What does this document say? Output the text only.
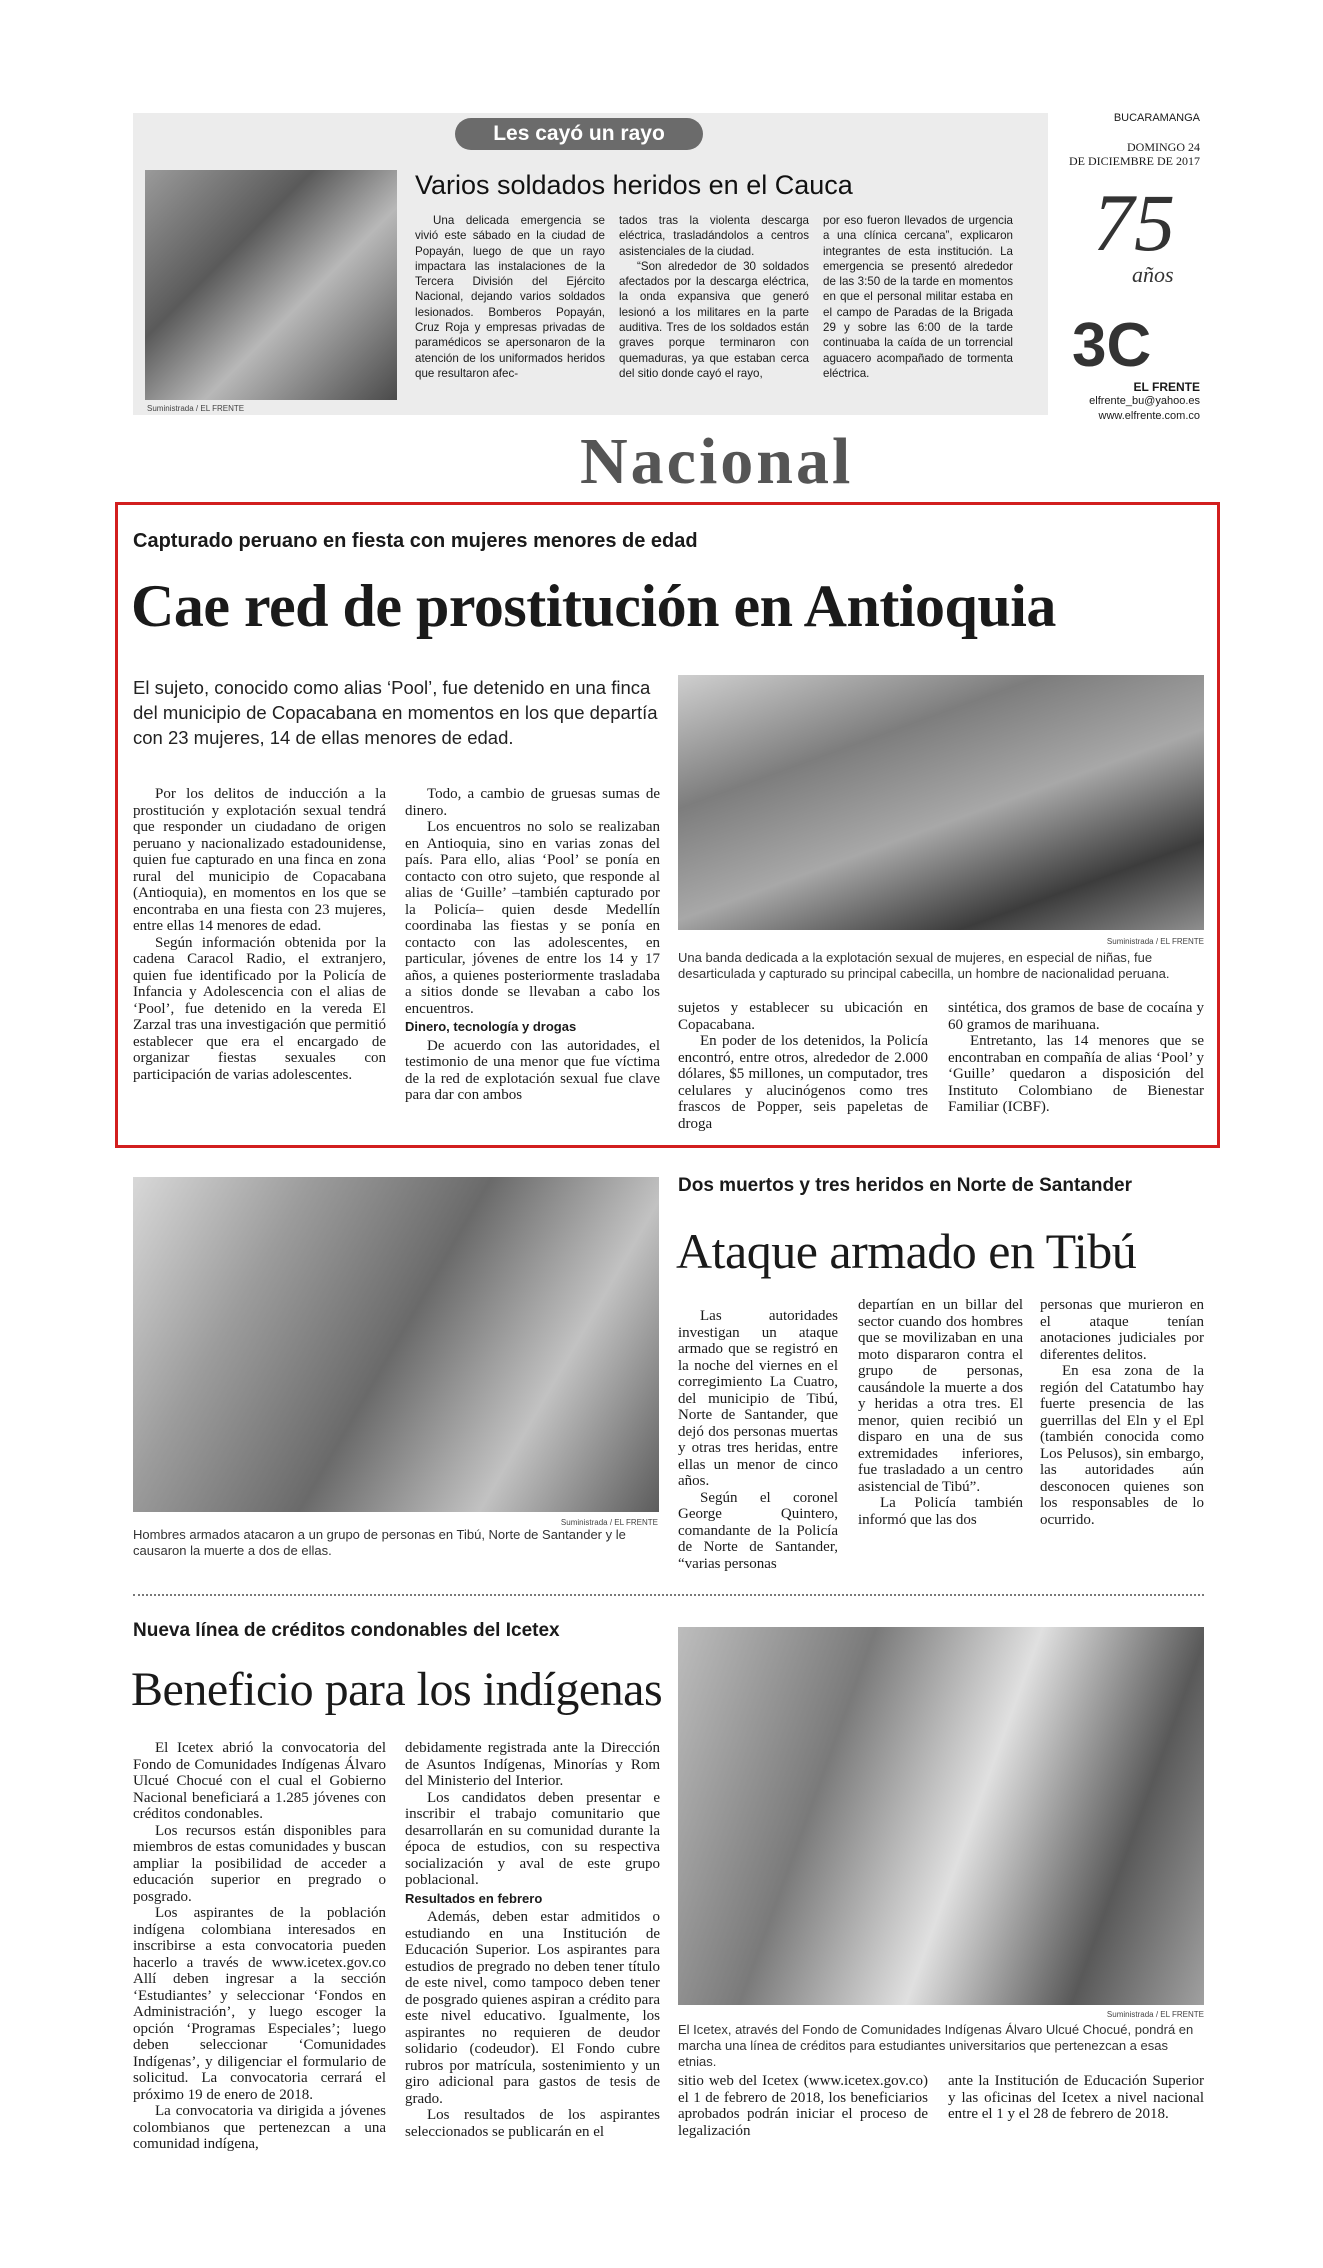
Les cayó un rayo
Suministrada / EL FRENTE
Varios soldados heridos en el Cauca
Una delicada emergencia se vivió este sábado en la ciudad de Popayán, luego de que un rayo impactara las instalaciones de la Tercera División del Ejército Nacional, dejando varios soldados lesionados. Bomberos Popayán, Cruz Roja y empresas privadas de paramédicos se apersonaron de la atención de los uniformados heridos que resultaron afec-
tados tras la violenta descarga eléctrica, trasladándolos a centros asistenciales de la ciudad.
“Son alrededor de 30 soldados afectados por la descarga eléctrica, la onda expansiva que generó lesionó a los militares en la parte auditiva. Tres de los soldados están graves porque terminaron con quemaduras, ya que estaban cerca del sitio donde cayó el rayo,
por eso fueron llevados de urgencia a una clínica cercana”, explicaron integrantes de esta institución. La emergencia se presentó alrededor de las 3:50 de la tarde en momentos en que el personal militar estaba en el campo de Paradas de la Brigada 29 y sobre las 6:00 de la tarde continuaba la caída de un torrencial aguacero acompañado de tormenta eléctrica.
BUCARAMANGA
DOMINGO 24
DE DICIEMBRE DE 2017
75
años
3C
EL FRENTE
elfrente_bu@yahoo.es
www.elfrente.com.co
Nacional
Capturado peruano en fiesta con mujeres menores de edad
Cae red de prostitución en Antioquia
El sujeto, conocido como alias ‘Pool’, fue detenido en una finca del municipio de Copacabana en momentos en los que departía con 23 mujeres, 14 de ellas menores de edad.
Suministrada / EL FRENTE
Una banda dedicada a la explotación sexual de mujeres, en especial de niñas, fue desarticulada y capturado su principal cabecilla, un hombre de nacionalidad peruana.

Por los delitos de inducción a la prostitución y explotación sexual tendrá que responder un ciudadano de origen peruano y nacionalizado estadounidense, quien fue capturado en una finca en zona rural del municipio de Copacabana (Antioquia), en momentos en los que se encontraba en una fiesta con 23 mujeres, entre ellas 14 menores de edad.

Según información obtenida por la cadena Caracol Radio, el extranjero, quien fue identificado por la Policía de Infancia y Adolescencia con el alias de ‘Pool’, fue detenido en la vereda El Zarzal tras una investigación que permitió establecer que era el encargado de organizar fiestas sexuales con participación de varias adolescentes.

Todo, a cambio de gruesas sumas de dinero.

Los encuentros no solo se realizaban en Antioquia, sino en varias zonas del país. Para ello, alias ‘Pool’ se ponía en contacto con otro sujeto, que responde al alias de ‘Guille’ –también capturado por la Policía– quien desde Medellín coordinaba las fiestas y se ponía en contacto con las adolescentes, en particular, jóvenes de entre los 14 y 17 años, a quienes posteriormente trasladaba a sitios donde se llevaban a cabo los encuentros.

Dinero, tecnología y drogas

De acuerdo con las autoridades, el testimonio de una menor que fue víctima de la red de explotación sexual fue clave para dar con ambos

sujetos y establecer su ubicación en Copacabana.

En poder de los detenidos, la Policía encontró, entre otros, alrededor de 2.000 dólares, $5 millones, un computador, tres celulares y alucinógenos como tres frascos de Popper, seis papeletas de droga

sintética, dos gramos de base de cocaína y 60 gramos de marihuana.

Entretanto, las 14 menores que se encontraban en compañía de alias ‘Pool’ y ‘Guille’ quedaron a disposición del Instituto Colombiano de Bienestar Familiar (ICBF).

Suministrada / EL FRENTE
Hombres armados atacaron a un grupo de personas en Tibú, Norte de Santander y le causaron la muerte a dos de ellas.
Dos muertos y tres heridos en Norte de Santander
Ataque armado en Tibú

Las autoridades investigan un ataque armado que se registró en la noche del viernes en el corregimiento La Cuatro, del municipio de Tibú, Norte de Santander, que dejó dos personas muertas y otras tres heridas, entre ellas un menor de cinco años.

Según el coronel George Quintero, comandante de la Policía de Norte de Santander, “varias personas

departían en un billar del sector cuando dos hombres que se movilizaban en una moto dispararon contra el grupo de personas, causándole la muerte a dos y heridas a otra tres. El menor, quien recibió un disparo en una de sus extremidades inferiores, fue trasladado a un centro asistencial de Tibú”.

La Policía también informó que las dos

personas que murieron en el ataque tenían anotaciones judiciales por diferentes delitos.

En esa zona de la región del Catatumbo hay fuerte presencia de las guerrillas del Eln y el Epl (también conocida como Los Pelusos), sin embargo, las autoridades aún desconocen quienes son los responsables de lo ocurrido.

Nueva línea de créditos condonables del Icetex
Beneficio para los indígenas
Suministrada / EL FRENTE
El Icetex, através del Fondo de Comunidades Indígenas Álvaro Ulcué Chocué, pondrá en marcha una línea de créditos para estudiantes universitarios que pertenezcan a esas etnias.

El Icetex abrió la convocatoria del Fondo de Comunidades Indígenas Álvaro Ulcué Chocué con el cual el Gobierno Nacional beneficiará a 1.285 jóvenes con créditos condonables.

Los recursos están disponibles para miembros de estas comunidades y buscan ampliar la posibilidad de acceder a educación superior en pregrado o posgrado.

Los aspirantes de la población indígena colombiana interesados en inscribirse a esta convocatoria pueden hacerlo a través de www.icetex.gov.co Allí deben ingresar a la sección ‘Estudiantes’ y seleccionar ‘Fondos en Administración’, y luego escoger la opción ‘Programas Especiales’; luego deben seleccionar ‘Comunidades Indígenas’, y diligenciar el formulario de solicitud. La convocatoria cerrará el próximo 19 de enero de 2018.

La convocatoria va dirigida a jóvenes colombianos que pertenezcan a una comunidad indígena,

debidamente registrada ante la Dirección de Asuntos Indígenas, Minorías y Rom del Ministerio del Interior.

Los candidatos deben presentar e inscribir el trabajo comunitario que desarrollarán en su comunidad durante la época de estudios, con su respectiva socialización y aval de este grupo poblacional.

Resultados en febrero

Además, deben estar admitidos o estudiando en una Institución de Educación Superior. Los aspirantes para estudios de pregrado no deben tener título de este nivel, como tampoco deben tener de posgrado quienes aspiran a crédito para este nivel educativo. Igualmente, los aspirantes no requieren de deudor solidario (codeudor). El Fondo cubre rubros por matrícula, sostenimiento y un giro adicional para gastos de tesis de grado.

Los resultados de los aspirantes seleccionados se publicarán en el

sitio web del Icetex (www.icetex.gov.co) el 1 de febrero de 2018, los beneficiarios aprobados podrán iniciar el proceso de legalización

ante la Institución de Educación Superior y las oficinas del Icetex a nivel nacional entre el 1 y el 28 de febrero de 2018.
